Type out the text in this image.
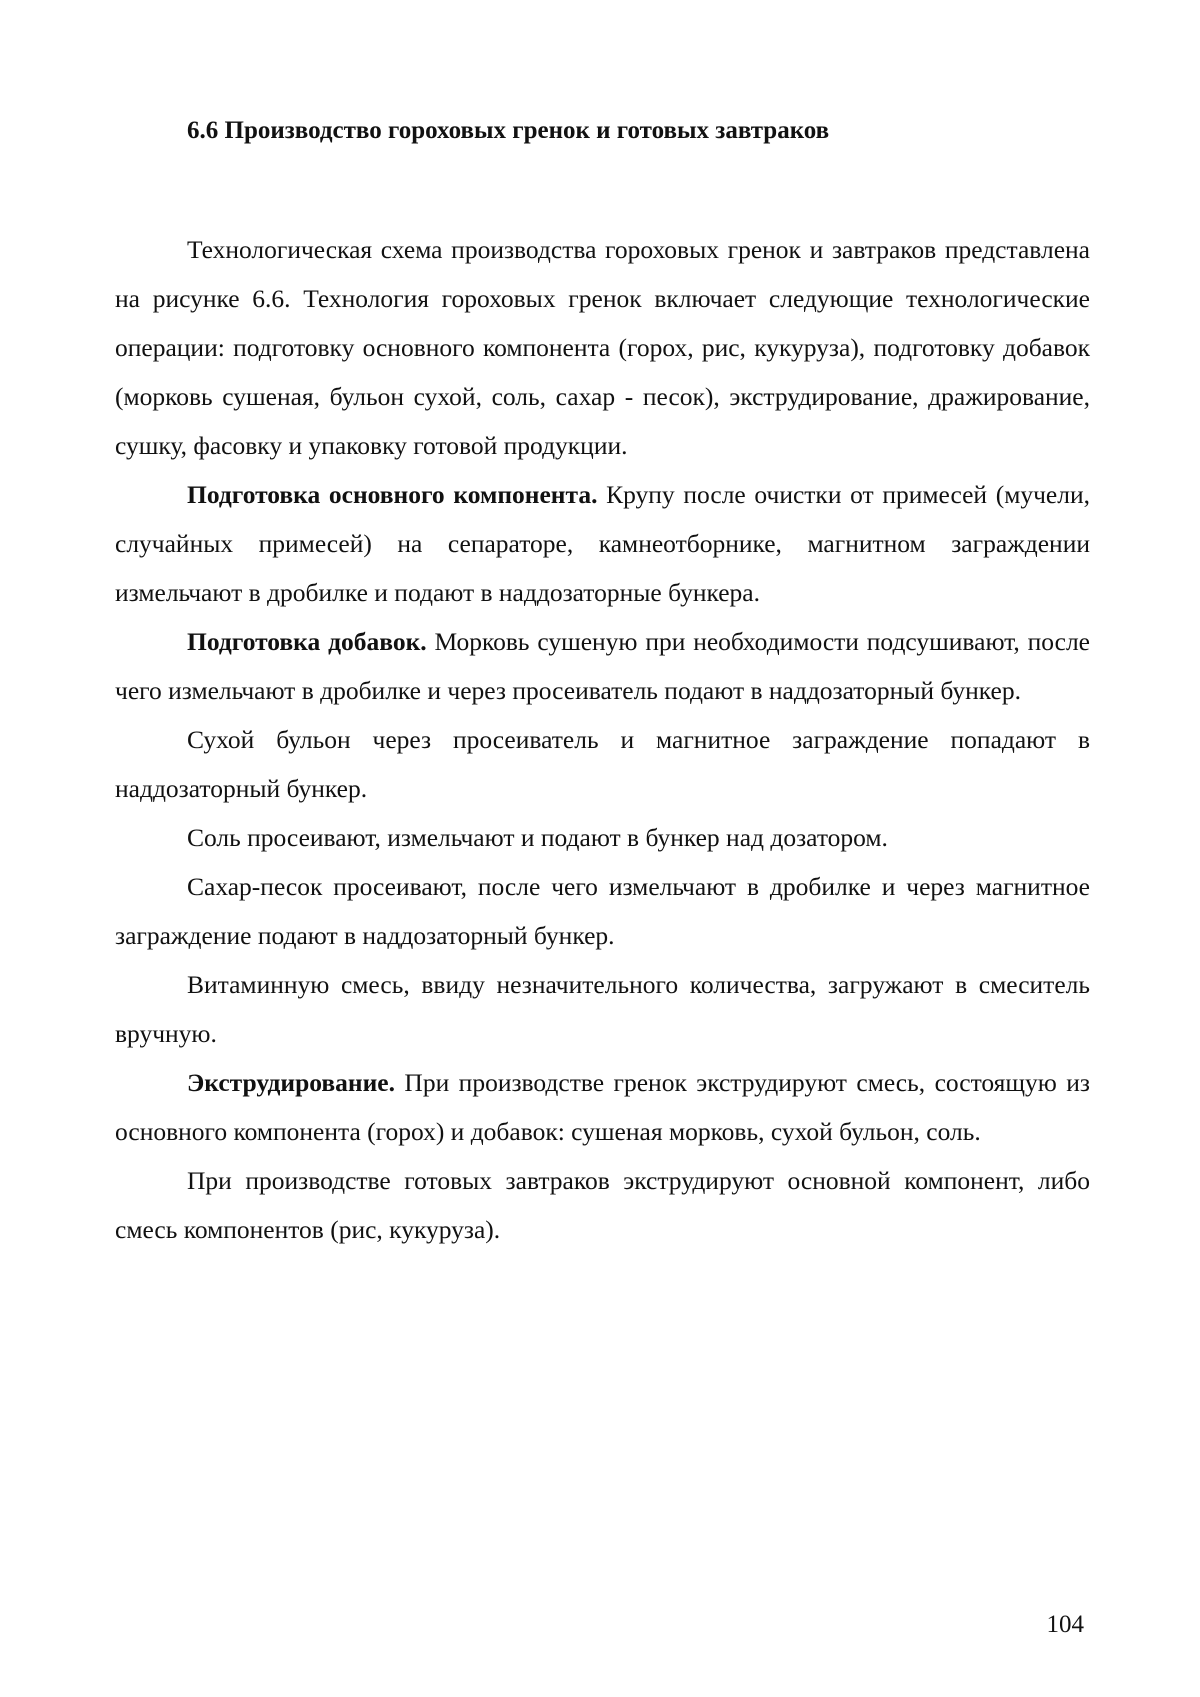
6.6 Производство гороховых гренок и готовых завтраков

Технологическая схема производства гороховых гренок и завтраков представлена на рисунке 6.6. Технология гороховых гренок включает следующие технологические операции: подготовку основного компонента (горох, рис, кукуруза), подготовку добавок (морковь сушеная, бульон сухой, соль, сахар - песок), экструдирование, дражирование, сушку, фасовку и упаковку готовой продукции.

Подготовка основного компонента. Крупу после очистки от примесей (мучели, случайных примесей) на сепараторе, камнеотборнике, магнитном заграждении измельчают в дробилке и подают в наддозаторные бункера.

Подготовка добавок. Морковь сушеную при необходимости подсушивают, после чего измельчают в дробилке и через просеиватель подают в наддозаторный бункер.

Сухой бульон через просеиватель и магнитное заграждение попадают в наддозаторный бункер.

Соль просеивают, измельчают и подают в бункер над дозатором.

Сахар-песок просеивают, после чего измельчают в дробилке и через магнитное заграждение подают в наддозаторный бункер.

Витаминную смесь, ввиду незначительного количества, загружают в смеситель вручную.

Экструдирование. При производстве гренок экструдируют смесь, состоящую из основного компонента (горох) и добавок: сушеная морковь, сухой бульон, соль.

При производстве готовых завтраков экструдируют основной компонент, либо смесь компонентов (рис, кукуруза).

104
